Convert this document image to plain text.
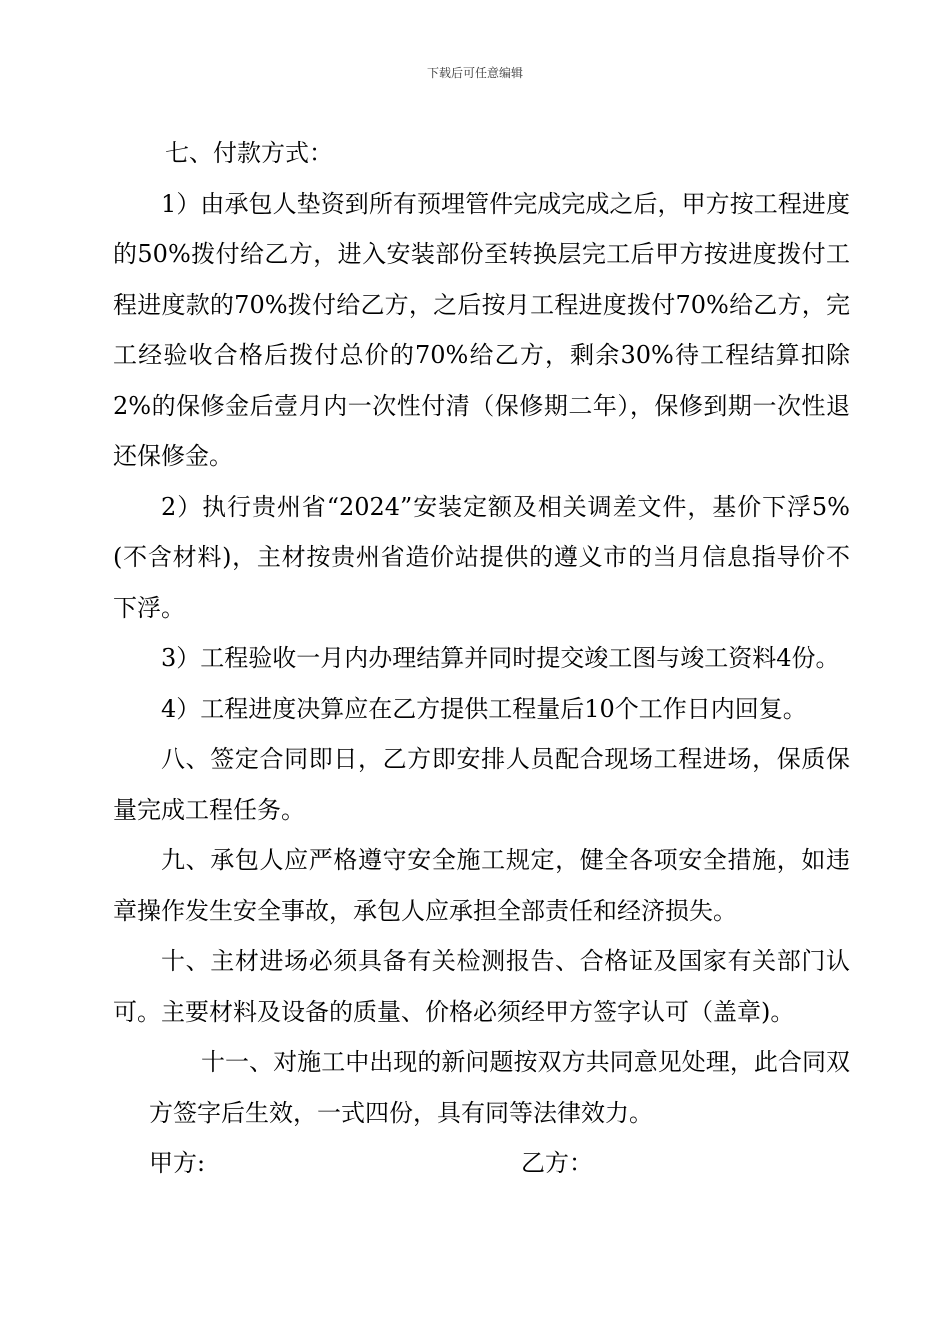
下载后可任意编辑

七、付款方式：

1）由承包人垫资到所有预埋管件完成完成之后，甲方按工程进度的50%拨付给乙方，进入安装部份至转换层完工后甲方按进度拨付工程进度款的70%拨付给乙方，之后按月工程进度拨付70%给乙方，完工经验收合格后拨付总价的70%给乙方，剩余30%待工程结算扣除2%的保修金后壹月内一次性付清（保修期二年），保修到期一次性退还保修金。

2）执行贵州省“2024”安装定额及相关调差文件，基价下浮5%(不含材料)，主材按贵州省造价站提供的遵义市的当月信息指导价不下浮。

3）工程验收一月内办理结算并同时提交竣工图与竣工资料4份。

4）工程进度决算应在乙方提供工程量后10个工作日内回复。

八、签定合同即日，乙方即安排人员配合现场工程进场，保质保量完成工程任务。

九、承包人应严格遵守安全施工规定，健全各项安全措施，如违章操作发生安全事故，承包人应承担全部责任和经济损失。

十、主材进场必须具备有关检测报告、合格证及国家有关部门认可。主要材料及设备的质量、价格必须经甲方签字认可（盖章)。

十一、对施工中出现的新问题按双方共同意见处理，此合同双方签字后生效，一式四份，具有同等法律效力。

甲方:	乙方：
